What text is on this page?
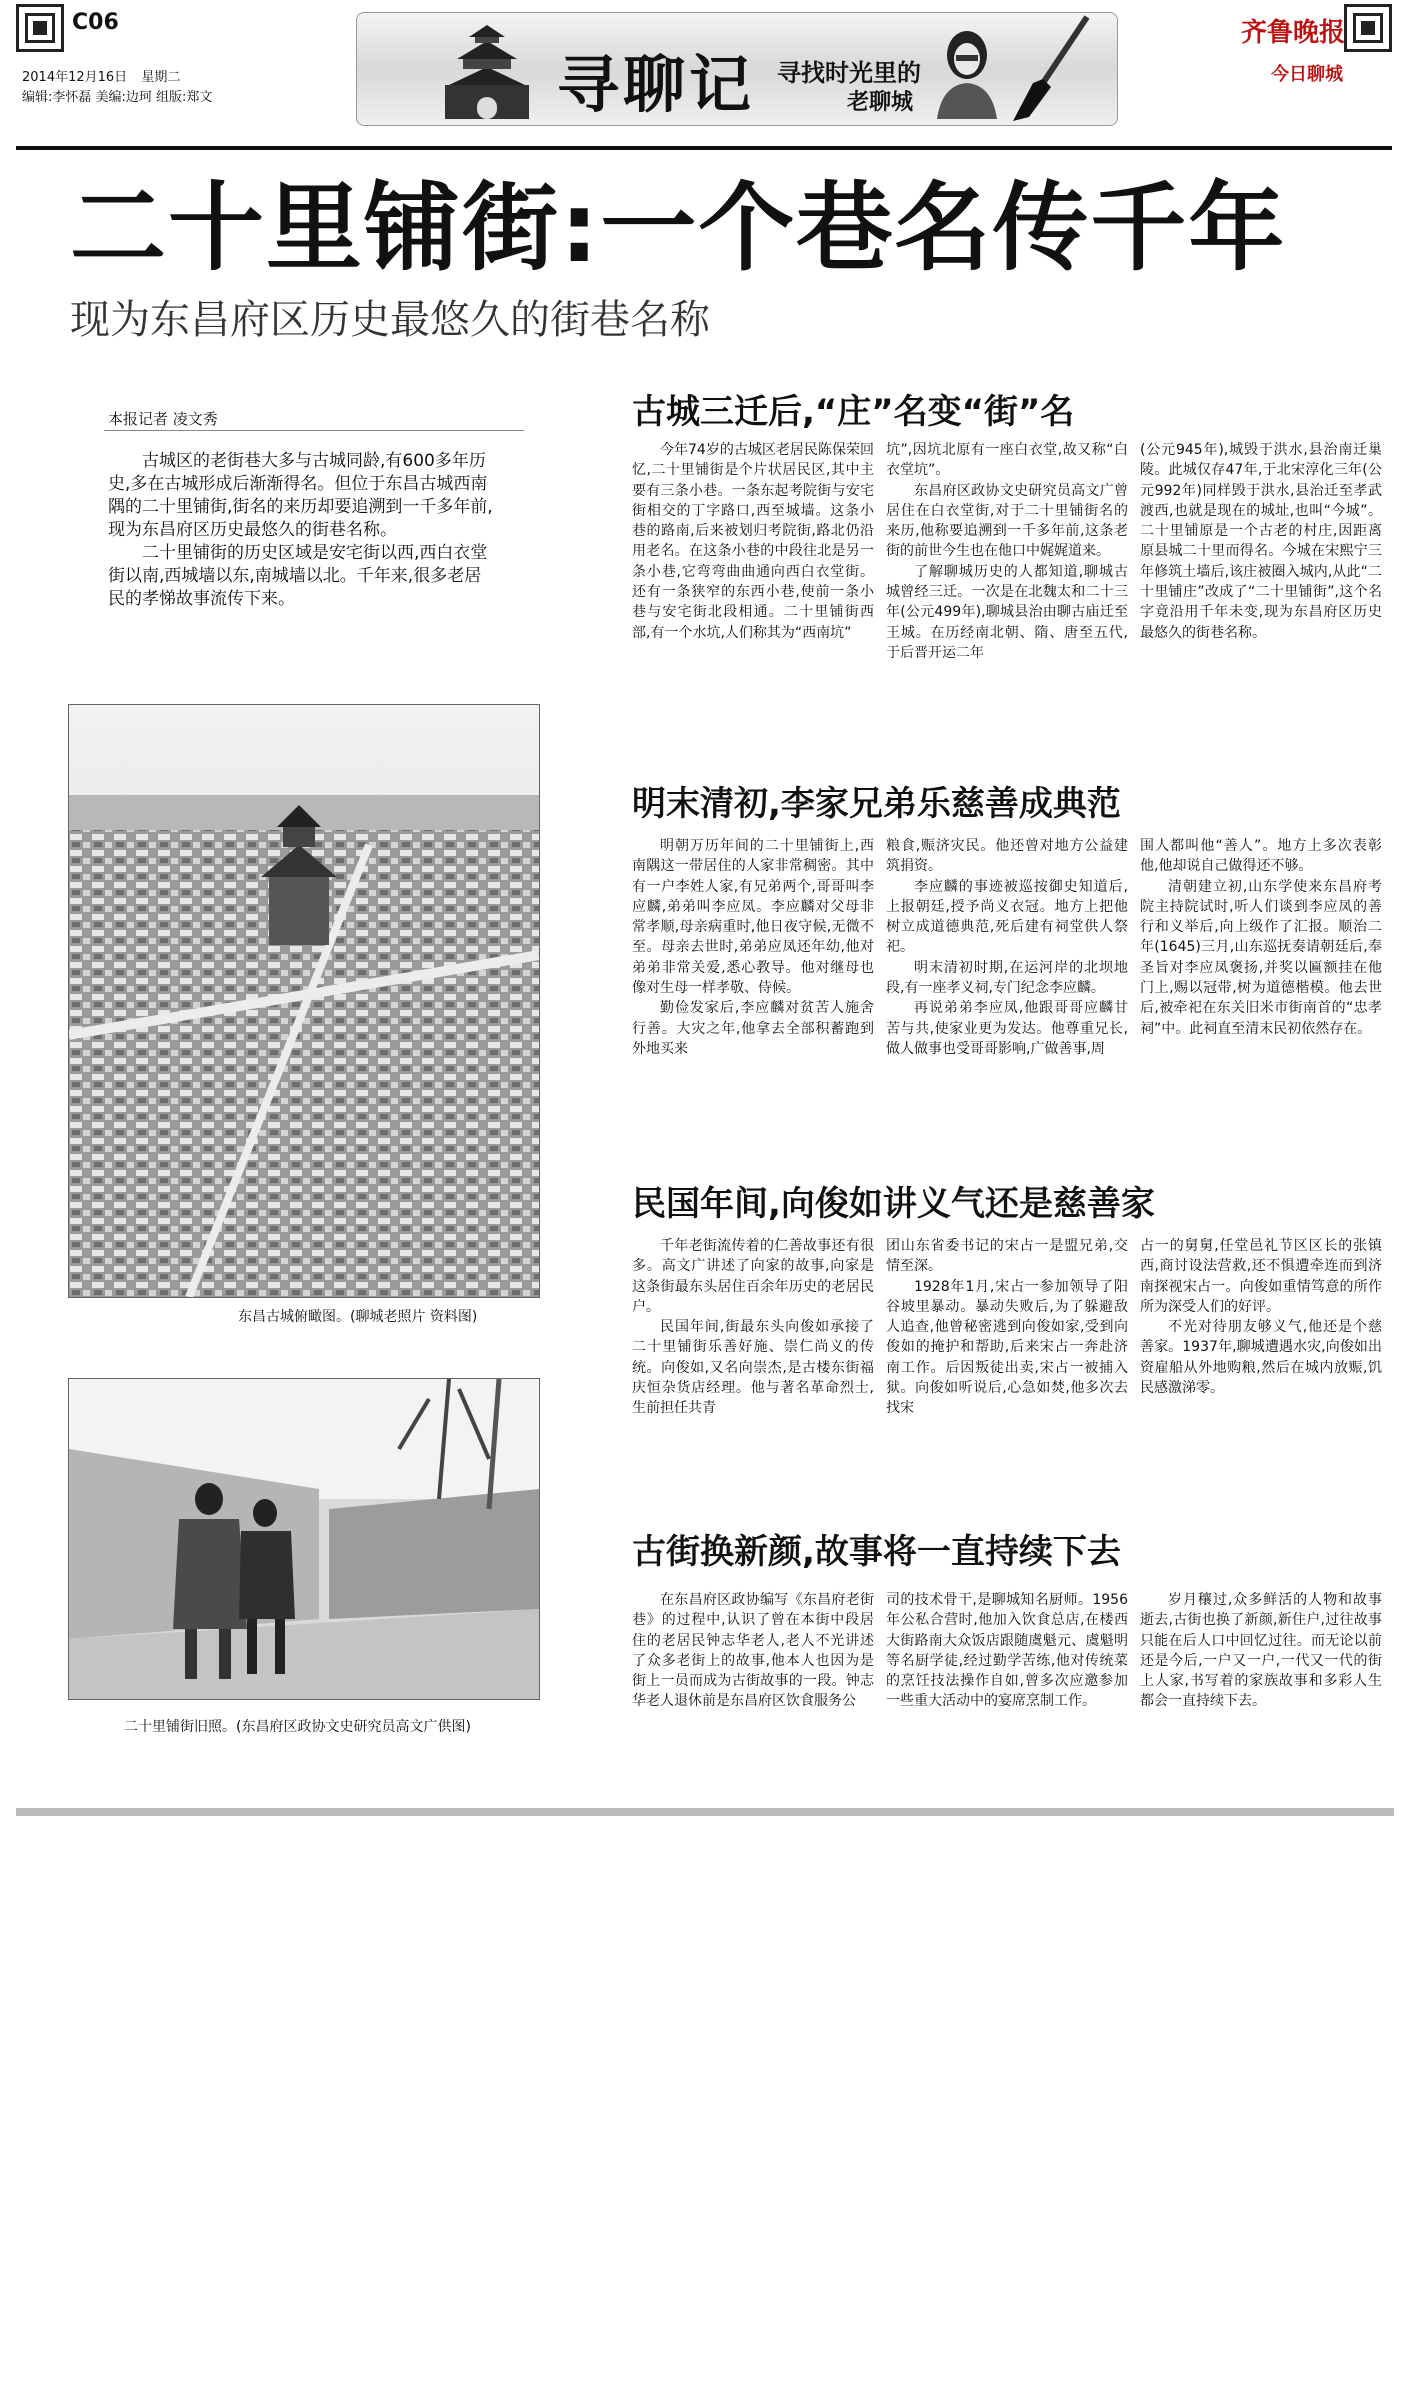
C06
2014年12月16日 星期二
编辑:李怀磊 美编:边珂 组版:郑文	寻聊记 寻找时光里的
老聊城
齐鲁晚报
今日聊城
二十里铺街:一个巷名传千年
现为东昌府区历史最悠久的街巷名称
本报记者 凌文秀

古城区的老街巷大多与古城同龄,有600多年历史,多在古城形成后渐渐得名。但位于东昌古城西南隅的二十里铺街,街名的来历却要追溯到一千多年前,现为东昌府区历史最悠久的街巷名称。

二十里铺街的历史区域是安宅街以西,西白衣堂街以南,西城墙以东,南城墙以北。千年来,很多老居民的孝悌故事流传下来。

东昌古城俯瞰图。(聊城老照片 资料图)
二十里铺街旧照。(东昌府区政协文史研究员高文广供图)
古城三迁后,“庄”名变“街”名

今年74岁的古城区老居民陈保荣回忆,二十里铺街是个片状居民区,其中主要有三条小巷。一条东起考院街与安宅街相交的丁字路口,西至城墙。这条小巷的路南,后来被划归考院街,路北仍沿用老名。在这条小巷的中段往北是另一条小巷,它弯弯曲曲通向西白衣堂街。还有一条狭窄的东西小巷,使前一条小巷与安宅街北段相通。二十里铺街西部,有一个水坑,人们称其为“西南坑”

坑”,因坑北原有一座白衣堂,故又称“白衣堂坑”。

东昌府区政协文史研究员高文广曾居住在白衣堂街,对于二十里铺街名的来历,他称要追溯到一千多年前,这条老街的前世今生也在他口中娓娓道来。

了解聊城历史的人都知道,聊城古城曾经三迁。一次是在北魏太和二十三年(公元499年),聊城县治由聊古庙迁至王城。在历经南北朝、隋、唐至五代,于后晋开运二年

(公元945年),城毁于洪水,县治南迁巢陵。此城仅存47年,于北宋淳化三年(公元992年)同样毁于洪水,县治迁至孝武渡西,也就是现在的城址,也叫“今城”。二十里铺原是一个古老的村庄,因距离原县城二十里而得名。今城在宋熙宁三年修筑土墙后,该庄被圈入城内,从此“二十里铺庄”改成了“二十里铺街”,这个名字竟沿用千年未变,现为东昌府区历史最悠久的街巷名称。

明末清初,李家兄弟乐慈善成典范

明朝万历年间的二十里铺街上,西南隅这一带居住的人家非常稠密。其中有一户李姓人家,有兄弟两个,哥哥叫李应麟,弟弟叫李应凤。李应麟对父母非常孝顺,母亲病重时,他日夜守候,无微不至。母亲去世时,弟弟应凤还年幼,他对弟弟非常关爱,悉心教导。他对继母也像对生母一样孝敬、侍候。

勤俭发家后,李应麟对贫苦人施舍行善。大灾之年,他拿去全部积蓄跑到外地买来

粮食,赈济灾民。他还曾对地方公益建筑捐资。

李应麟的事迹被巡按御史知道后,上报朝廷,授予尚义衣冠。地方上把他树立成道德典范,死后建有祠堂供人祭祀。

明末清初时期,在运河岸的北坝地段,有一座孝义祠,专门纪念李应麟。

再说弟弟李应凤,他跟哥哥应麟甘苦与共,使家业更为发达。他尊重兄长,做人做事也受哥哥影响,广做善事,周

围人都叫他“善人”。地方上多次表彰他,他却说自己做得还不够。

清朝建立初,山东学使来东昌府考院主持院试时,听人们谈到李应凤的善行和义举后,向上级作了汇报。顺治二年(1645)三月,山东巡抚奏请朝廷后,奉圣旨对李应凤褒扬,并奖以匾额挂在他门上,赐以冠带,树为道德楷模。他去世后,被牵祀在东关旧米市街南首的“忠孝祠”中。此祠直至清末民初依然存在。

民国年间,向俊如讲义气还是慈善家

千年老街流传着的仁善故事还有很多。高文广讲述了向家的故事,向家是这条街最东头居住百余年历史的老居民户。

民国年间,街最东头向俊如承接了二十里铺街乐善好施、崇仁尚义的传统。向俊如,又名向崇杰,是古楼东街福庆恒杂货店经理。他与著名革命烈士,生前担任共青

团山东省委书记的宋占一是盟兄弟,交情至深。

1928年1月,宋占一参加领导了阳谷坡里暴动。暴动失败后,为了躲避敌人追查,他曾秘密逃到向俊如家,受到向俊如的掩护和帮助,后来宋占一奔赴济南工作。后因叛徒出卖,宋占一被捕入狱。向俊如听说后,心急如焚,他多次去找宋

占一的舅舅,任堂邑礼节区区长的张镇西,商讨设法营救,还不惧遭牵连而到济南探视宋占一。向俊如重情笃意的所作所为深受人们的好评。

不光对待朋友够义气,他还是个慈善家。1937年,聊城遭遇水灾,向俊如出资雇船从外地购粮,然后在城内放赈,饥民感激涕零。

古街换新颜,故事将一直持续下去

在东昌府区政协编写《东昌府老街巷》的过程中,认识了曾在本街中段居住的老居民钟志华老人,老人不光讲述了众多老街上的故事,他本人也因为是街上一员而成为古街故事的一段。钟志华老人退休前是东昌府区饮食服务公

司的技术骨干,是聊城知名厨师。1956年公私合营时,他加入饮食总店,在楼西大街路南大众饭店跟随虞魁元、虞魁明等名厨学徒,经过勤学苦练,他对传统菜的烹饪技法操作自如,曾多次应邀参加一些重大活动中的宴席烹制工作。

岁月穰过,众多鲜活的人物和故事逝去,古街也换了新颜,新住户,过往故事只能在后人口中回忆过往。而无论以前还是今后,一户又一户,一代又一代的街上人家,书写着的家族故事和多彩人生都会一直持续下去。
